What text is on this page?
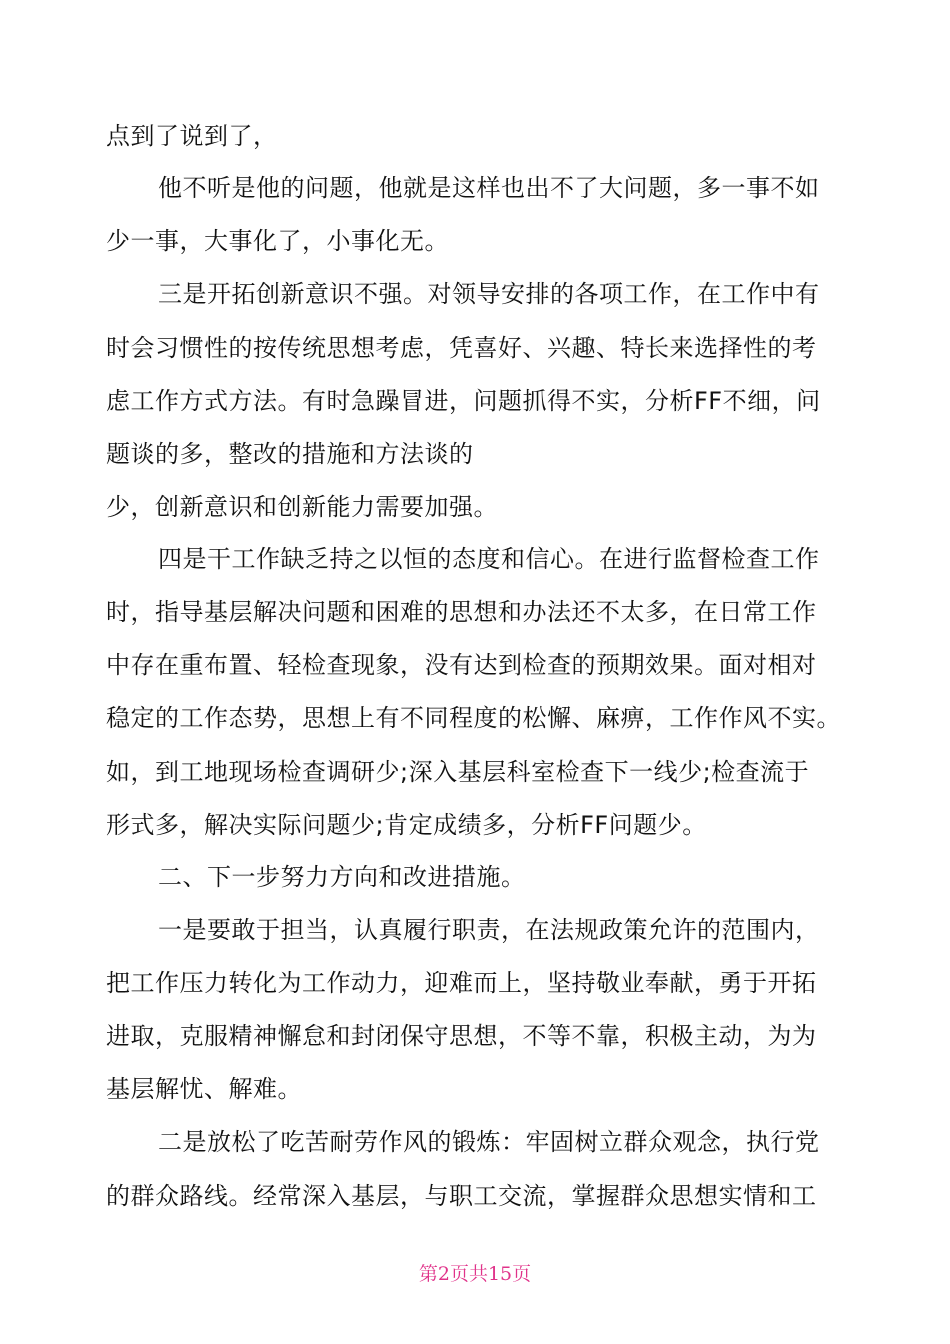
点到了说到了，
他不听是他的问题，他就是这样也出不了大问题，多一事不如
少一事，大事化了，小事化无。
三是开拓创新意识不强。对领导安排的各项工作，在工作中有
时会习惯性的按传统思想考虑，凭喜好、兴趣、特长来选择性的考
虑工作方式方法。有时急躁冒进，问题抓得不实，分析FF不细，问
题谈的多，整改的措施和方法谈的
少，创新意识和创新能力需要加强。
四是干工作缺乏持之以恒的态度和信心。在进行监督检查工作
时，指导基层解决问题和困难的思想和办法还不太多，在日常工作
中存在重布置、轻检查现象，没有达到检查的预期效果。面对相对
稳定的工作态势，思想上有不同程度的松懈、麻痹，工作作风不实。
如，到工地现场检查调研少;深入基层科室检查下一线少;检查流于
形式多，解决实际问题少;肯定成绩多，分析FF问题少。
二、下一步努力方向和改进措施。
一是要敢于担当，认真履行职责，在法规政策允许的范围内，
把工作压力转化为工作动力，迎难而上，坚持敬业奉献，勇于开拓
进取，克服精神懈怠和封闭保守思想，不等不靠，积极主动，为为
基层解忧、解难。
二是放松了吃苦耐劳作风的锻炼：牢固树立群众观念，执行党
的群众路线。经常深入基层，与职工交流，掌握群众思想实情和工
第2页共15页
